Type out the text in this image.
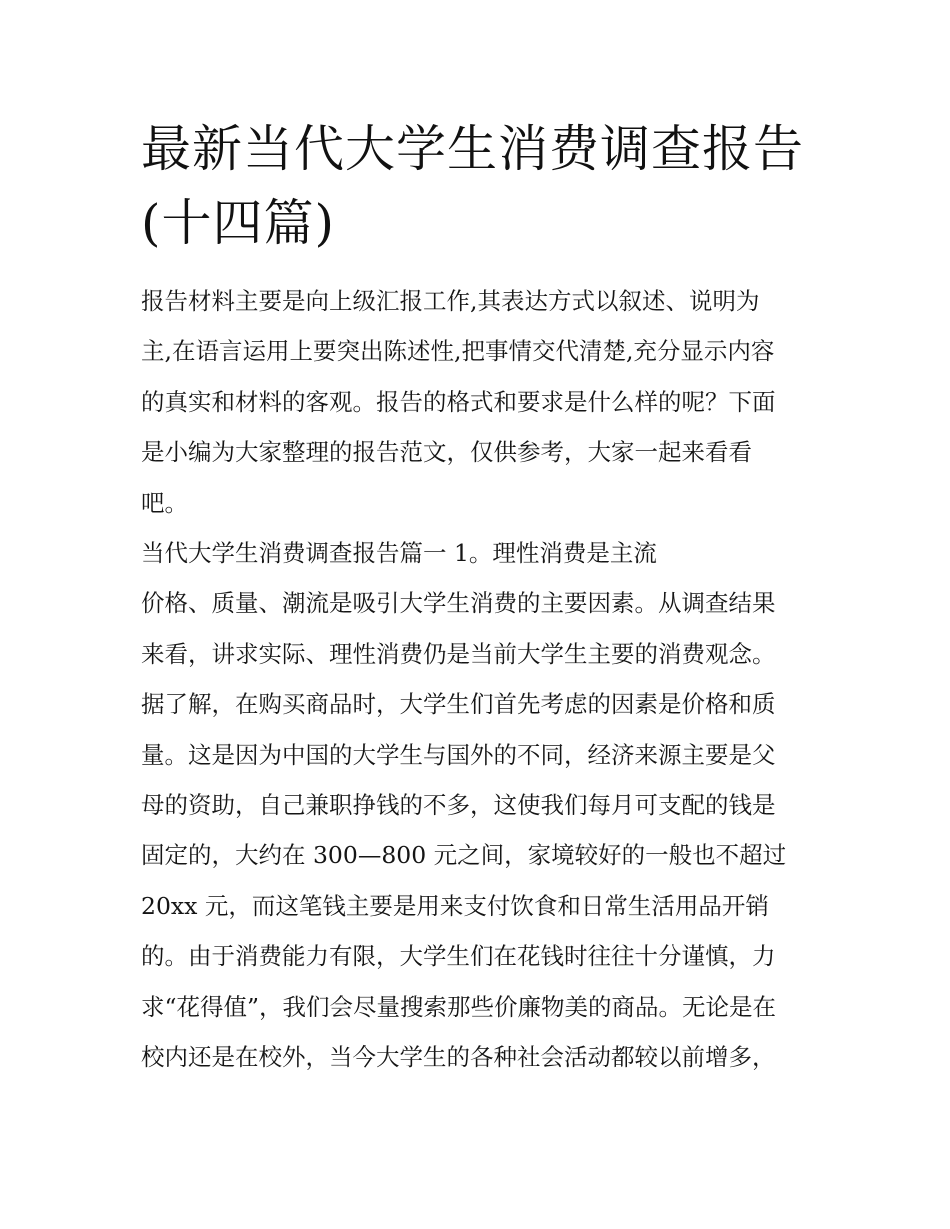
最新当代大学生消费调查报告
(十四篇)
报告材料主要是向上级汇报工作,其表达方式以叙述、说明为
主,在语言运用上要突出陈述性,把事情交代清楚,充分显示内容
的真实和材料的客观。报告的格式和要求是什么样的呢？下面
是小编为大家整理的报告范文，仅供参考，大家一起来看看
吧。
当代大学生消费调查报告篇一 1。理性消费是主流
价格、质量、潮流是吸引大学生消费的主要因素。从调查结果
来看，讲求实际、理性消费仍是当前大学生主要的消费观念。
据了解，在购买商品时，大学生们首先考虑的因素是价格和质
量。这是因为中国的大学生与国外的不同，经济来源主要是父
母的资助，自己兼职挣钱的不多，这使我们每月可支配的钱是
固定的，大约在 300—800 元之间，家境较好的一般也不超过
20xx 元，而这笔钱主要是用来支付饮食和日常生活用品开销
的。由于消费能力有限，大学生们在花钱时往往十分谨慎，力
求“花得值”，我们会尽量搜索那些价廉物美的商品。无论是在
校内还是在校外，当今大学生的各种社会活动都较以前增多，
